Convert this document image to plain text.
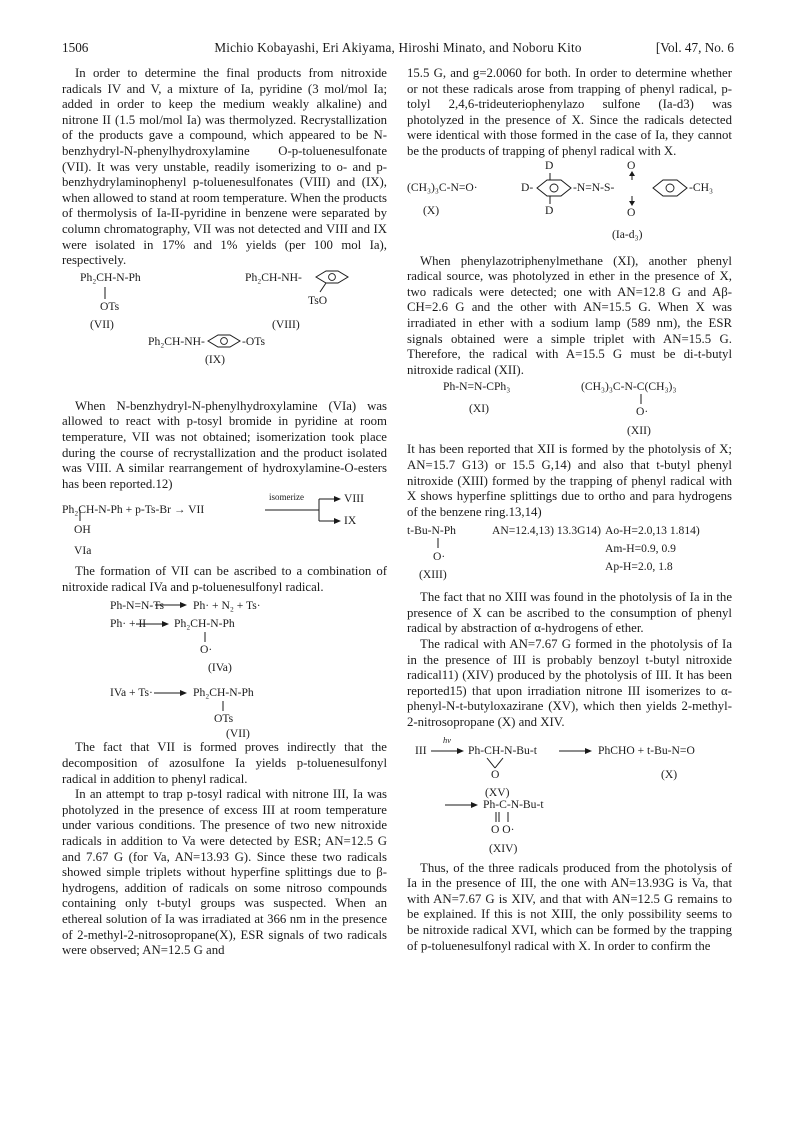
1506	Michio Kobayashi, Eri Akiyama, Hiroshi Minato, and Noboru Kito	[Vol. 47, No. 6

In order to determine the final products from nitroxide radicals IV and V, a mixture of Ia, pyridine (3 mol/mol Ia; added in order to keep the medium weakly alkaline) and nitrone II (1.5 mol/mol Ia) was thermolyzed. Recrystallization of the products gave a compound, which appeared to be N-benzhydryl-N-phenylhydroxylamine O-p-toluenesulfonate (VII). It was very unstable, readily isomerizing to o- and p-benzhydrylaminophenyl p-toluenesulfonates (VIII) and (IX), when allowed to stand at room temperature. When the products of thermolysis of Ia-II-pyridine in benzene were separated by column chromatography, VII was not detected and VIII and IX were isolated in 17% and 1% yields (per 100 mol Ia), respectively.

Ph₂CH-N-Ph
OTs
Ph₂CH-NH-
TsO
(VII)	(VIII)
Ph₂CH-NH-	-OTs
(IX)

When N-benzhydryl-N-phenylhydroxylamine (VIa) was allowed to react with p-tosyl bromide in pyridine at room temperature, VII was not obtained; isomerization took place during the course of recrystallization and the product isolated was VIII. A similar rearrangement of hydroxylamine-O-esters has been reported.12)

Ph₂CH-N-Ph + p-Ts-Br → VII
isomerize	VIII
IX
OH
VIa

The formation of VII can be ascribed to a combination of nitroxide radical IVa and p-toluenesulfonyl radical.

Ph-N=N-Ts Ph· + N₂ + Ts·
Ph· + II Ph₂CH-N-Ph
O·
(IVa)
IVa + Ts·	Ph₂CH-N-Ph
OTs
(VII)

The fact that VII is formed proves indirectly that the decomposition of azosulfone Ia yields p-toluenesulfonyl radical in addition to phenyl radical.

In an attempt to trap p-tosyl radical with nitrone III, Ia was photolyzed in the presence of excess III at room temperature under various conditions. The presence of two new nitroxide radicals in addition to Va were detected by ESR; AN=12.5 G and 7.67 G (for Va, AN=13.93 G). Since these two radicals showed simple triplets without hyperfine splittings due to β-hydrogens, addition of radicals on some nitroso compounds containing only t-butyl groups was suspected. When an ethereal solution of Ia was irradiated at 366 nm in the presence of 2-methyl-2-nitrosopropane(X), ESR signals of two radicals were observed; AN=12.5 G and

15.5 G, and g=2.0060 for both. In order to determine whether or not these radicals arose from trapping of phenyl radical, p-tolyl 2,4,6-trideuteriophenylazo sulfone (Ia-d3) was photolyzed in the presence of X. Since the radicals detected were identical with those formed in the case of Ia, they cannot be the products of trapping of phenyl radical with X.

(CH₃)₃C-N=O·
(X)
D
D-
D
-N=N-S-
O
O
-CH₃
(Ia-d₃)

When phenylazotriphenylmethane (XI), another phenyl radical source, was photolyzed in ether in the presence of X, two radicals were detected; one with AN=12.8 G and Aβ-CH=2.6 G and the other with AN=15.5 G. When X was irradiated in ether with a sodium lamp (589 nm), the ESR signals obtained were a simple triplet with AN=15.5 G. Therefore, the radical with A=15.5 G must be di-t-butyl nitroxide radical (XII).

Ph-N=N-CPh₃
(XI)
(CH₃)₃C-N-C(CH₃)₃
O·
(XII)

It has been reported that XII is formed by the photolysis of X; AN=15.7 G13) or 15.5 G,14) and also that t-butyl phenyl nitroxide (XIII) formed by the trapping of phenyl radical with X shows hyperfine splittings due to ortho and para hydrogens of the benzene ring.13,14)

t-Bu-N-Ph
O·
(XIII)
AN=12.4,13) 13.3G14) Ao-H=2.0,13 1.814)
Am-H=0.9, 0.9
Ap-H=2.0, 1.8

The fact that no XIII was found in the photolysis of Ia in the presence of X can be ascribed to the consumption of phenyl radical by abstraction of α-hydrogens of ether.

The radical with AN=7.67 G formed in the photolysis of Ia in the presence of III is probably benzoyl t-butyl nitroxide radical11) (XIV) produced by the photolysis of III. It has been reported15) that upon irradiation nitrone III isomerizes to α-phenyl-N-t-butyloxazirane (XV), which then yields 2-methyl-2-nitrosopropane (X) and XIV.

hν
III	Ph-CH-N-Bu-t
O
PhCHO + t-Bu-N=O
(X)
(XV)
Ph-C-N-Bu-t
O O·
(XIV)

Thus, of the three radicals produced from the photolysis of Ia in the presence of III, the one with AN=13.93G is Va, that with AN=7.67 G is XIV, and that with AN=12.5 G remains to be explained. If this is not XIII, the only possibility seems to be nitroxide radical XVI, which can be formed by the trapping of p-toluenesulfonyl radical with X. In order to confirm the
